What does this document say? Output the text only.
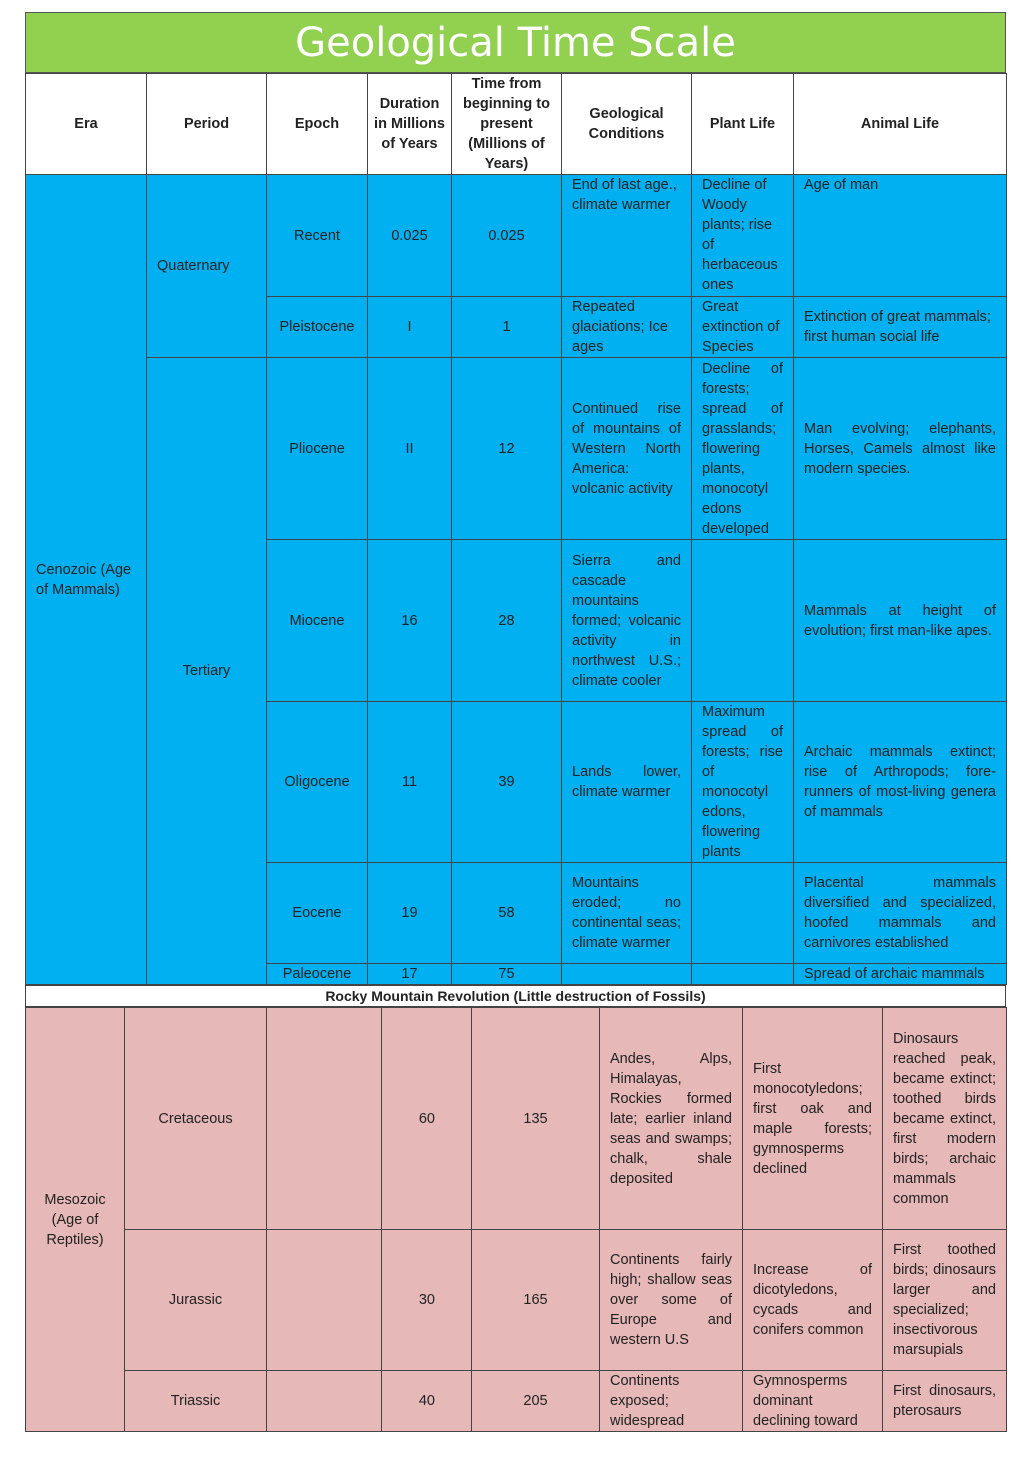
Geological Time Scale
Era	Period	Epoch	Duration in Millions of Years	Time from beginning to present (Millions of Years)	Geological Conditions	Plant Life	Animal Life
Cenozoic (Age of Mammals)	Quaternary	Recent	0.025	0.025	End of last age., climate warmer	Decline of Woody plants; rise of herbaceous ones	Age of man
		Pleistocene	I	1	Repeated glaciations; Ice ages	Great extinction of Species	Extinction of great mammals; first human social life
	Tertiary	Pliocene	II	12	Continued rise of mountains of Western North America: volcanic activity	Decline of forests; spread of grasslands; flowering plants, monocotyl edons developed	Man evolving; elephants, Horses, Camels almost like modern species.
		Miocene	16	28	Sierra and cascade mountains formed; volcanic activity in northwest U.S.; climate cooler		Mammals at height of evolution; first man-like apes.
		Oligocene	11	39	Lands lower, climate warmer	Maximum spread of forests; rise of monocotyl edons, flowering plants	Archaic mammals extinct; rise of Arthropods; fore-runners of most-living genera of mammals
		Eocene	19	58	Mountains eroded; no continental seas; climate warmer		Placental mammals diversified and specialized, hoofed mammals and carnivores established
		Paleocene	17	75			Spread of archaic mammals
Rocky Mountain Revolution (Little destruction of Fossils)
Mesozoic (Age of Reptiles)	Cretaceous		60	135	Andes, Alps, Himalayas, Rockies formed late; earlier inland seas and swamps; chalk, shale deposited	First monocotyledons; first oak and maple forests; gymnosperms declined	Dinosaurs reached peak, became extinct; toothed birds became extinct, first modern birds; archaic mammals common
	Jurassic		30	165	Continents fairly high; shallow seas over some of Europe and western U.S	Increase of dicotyledons, cycads and conifers common	First toothed birds; dinosaurs larger and specialized; insectivorous marsupials
	Triassic		40	205	Continents exposed; widespread	Gymnosperms dominant declining toward	First dinosaurs, pterosaurs
